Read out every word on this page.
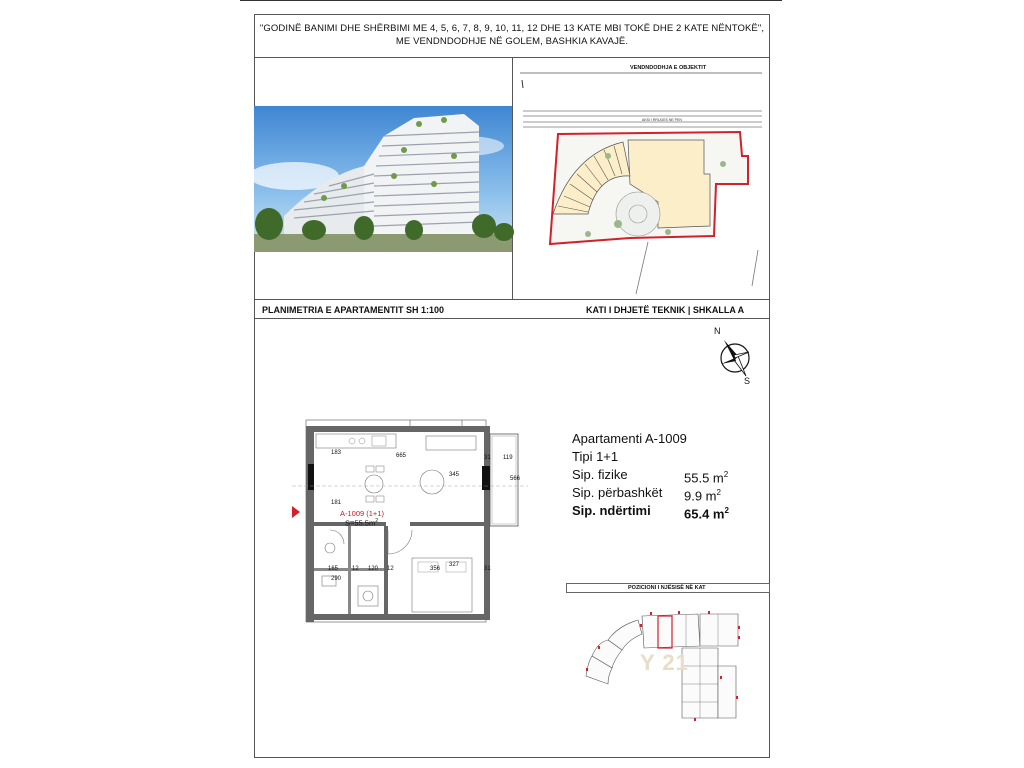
"GODINË BANIMI DHE SHËRBIMI ME 4, 5, 6, 7, 8, 9, 10, 11, 12 DHE 13 KATE MBI TOKË DHE 2 KATE NËNTOKË",
ME VENDNDODHJE NË GOLEM, BASHKIA KAVAJË.
VENDNDODHJA E OBJEKTIT
AKSI I RRUGES NE PEN
PLANIMETRIA E APARTAMENTIT SH 1:100	KATI I DHJETË TEKNIK | SHKALLA A
N
S
665
345
183
31 119
566
181
A-1009 (1+1)
$S=55.5m^2$
165 12 120 12	356
327
290
31
Apartamenti A-1009
Tipi 1+1
Sip. fizike	55.5 $m^2$
Sip. përbashkët 9.9 $m^2$
Sip. ndërtimi	65.4 $m^2$
POZICIONI I NJËSISË NË KAT
Y 21
